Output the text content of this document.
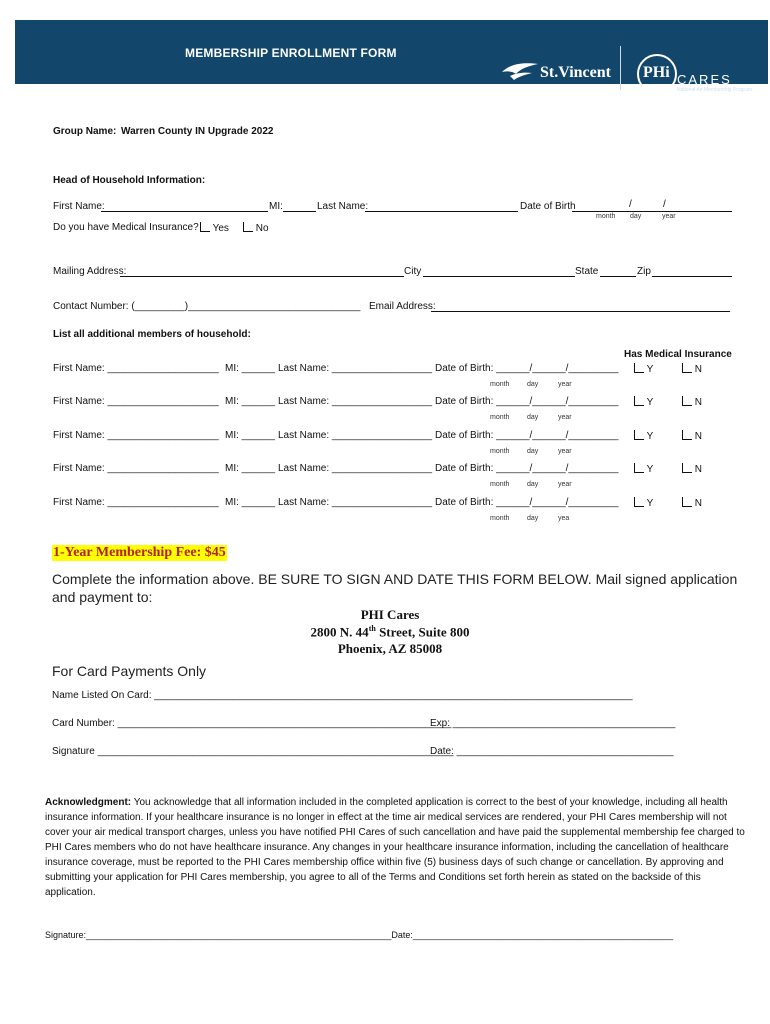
MEMBERSHIP ENROLLMENT FORM
St.Vincent PHi CARES
National Air Membership Program
Group Name: Warren County IN Upgrade 2022
Head of Household Information:
First Name:	MI:	Last Name:	Date of Birth	/	/
month day	year
Do you have Medical Insurance?	Yes	No
Mailing Address:	City	State	Zip
Contact Number: (_________)_______________________________ Email Address:
List all additional members of household:
Has Medical Insurance
First Name: ____________________ MI: ______ Last Name: __________________ Date of Birth: ______/______/_________	Y	N
month	day	year
First Name: ____________________ MI: ______ Last Name: __________________ Date of Birth: ______/______/_________	Y	N
month	day	year
First Name: ____________________ MI: ______ Last Name: __________________ Date of Birth: ______/______/_________	Y	N
month	day	year
First Name: ____________________ MI: ______ Last Name: __________________ Date of Birth: ______/______/_________	Y	N
month	day	year
First Name: ____________________ MI: ______ Last Name: __________________ Date of Birth: ______/______/_________	Y	N
month	day	yea
1-Year Membership Fee: $45
Complete the information above. BE SURE TO SIGN AND DATE THIS FORM BELOW. Mail signed application and payment to:
PHI Cares
2800 N. 44th Street, Suite 800
Phoenix, AZ 85008
For Card Payments Only
Name Listed On Card: ______________________________________________________________________________________
Card Number: ____________________________________________________________
Exp: ________________________________________
Signature ________________________________________________________________
Date: _______________________________________
Acknowledgment: You acknowledge that all information included in the completed application is correct to the best of your knowledge, including all health insurance information. If your healthcare insurance is no longer in effect at the time air medical services are rendered, your PHI Cares membership will not cover your air medical transport charges, unless you have notified PHI Cares of such cancellation and have paid the supplemental membership fee charged to PHI Cares members who do not have healthcare insurance. Any changes in your healthcare insurance information, including the cancellation of healthcare insurance coverage, must be reported to the PHI Cares membership office within five (5) business days of such change or cancellation. By approving and submitting your application for PHI Cares membership, you agree to all of the Terms and Conditions set forth herein as stated on the backside of this application.
Signature:_____________________________________________________________Date:____________________________________________________
